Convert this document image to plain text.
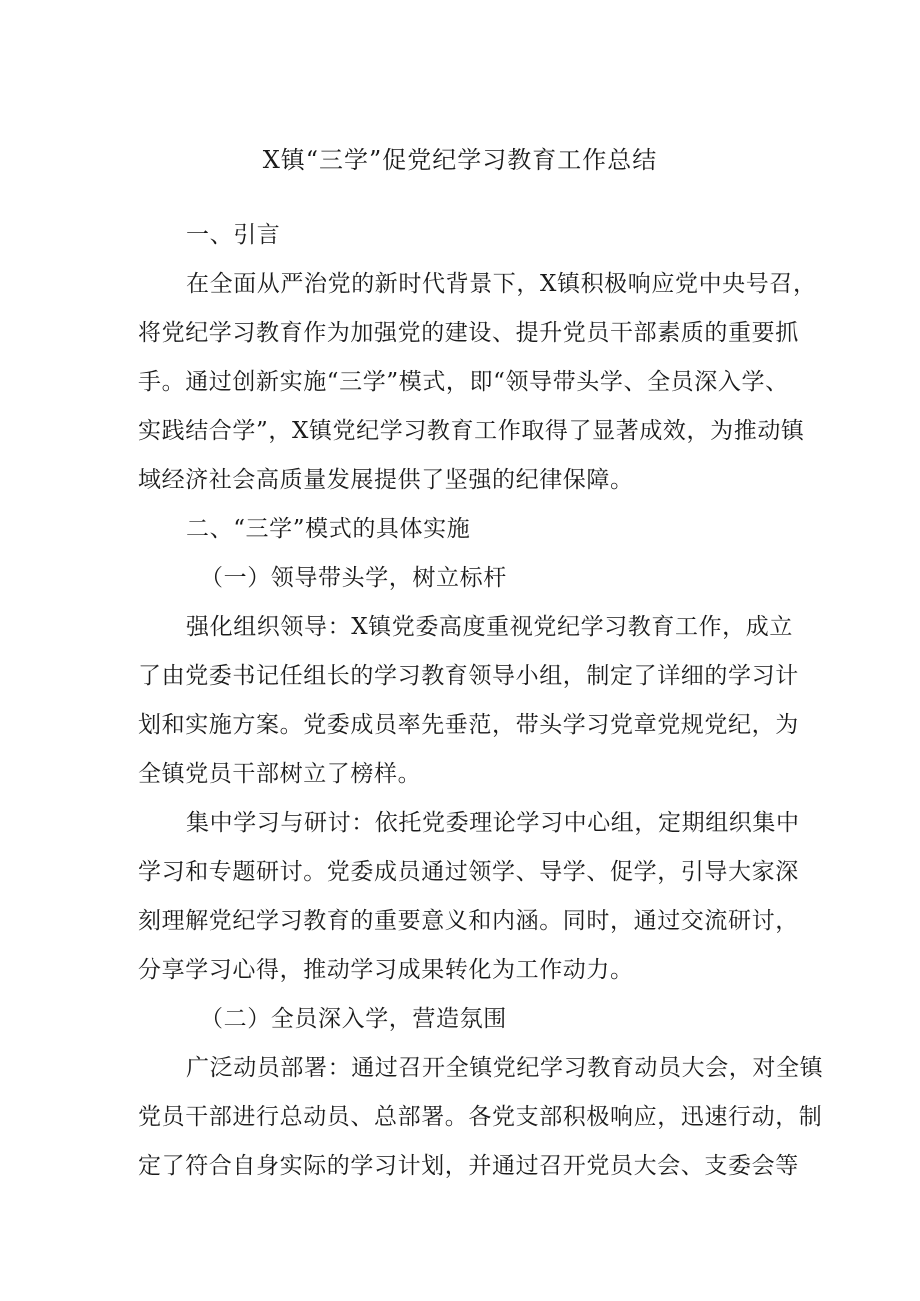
X镇“三学”促党纪学习教育工作总结
一、引言
在全面从严治党的新时代背景下，X镇积极响应党中央号召，
将党纪学习教育作为加强党的建设、提升党员干部素质的重要抓
手。通过创新实施“三学”模式，即“领导带头学、全员深入学、
实践结合学”，X镇党纪学习教育工作取得了显著成效，为推动镇
域经济社会高质量发展提供了坚强的纪律保障。
二、“三学”模式的具体实施
（一）领导带头学，树立标杆
强化组织领导：X镇党委高度重视党纪学习教育工作，成立
了由党委书记任组长的学习教育领导小组，制定了详细的学习计
划和实施方案。党委成员率先垂范，带头学习党章党规党纪，为
全镇党员干部树立了榜样。
集中学习与研讨：依托党委理论学习中心组，定期组织集中
学习和专题研讨。党委成员通过领学、导学、促学，引导大家深
刻理解党纪学习教育的重要意义和内涵。同时，通过交流研讨，
分享学习心得，推动学习成果转化为工作动力。
（二）全员深入学，营造氛围
广泛动员部署：通过召开全镇党纪学习教育动员大会，对全镇
党员干部进行总动员、总部署。各党支部积极响应，迅速行动，制
定了符合自身实际的学习计划，并通过召开党员大会、支委会等
